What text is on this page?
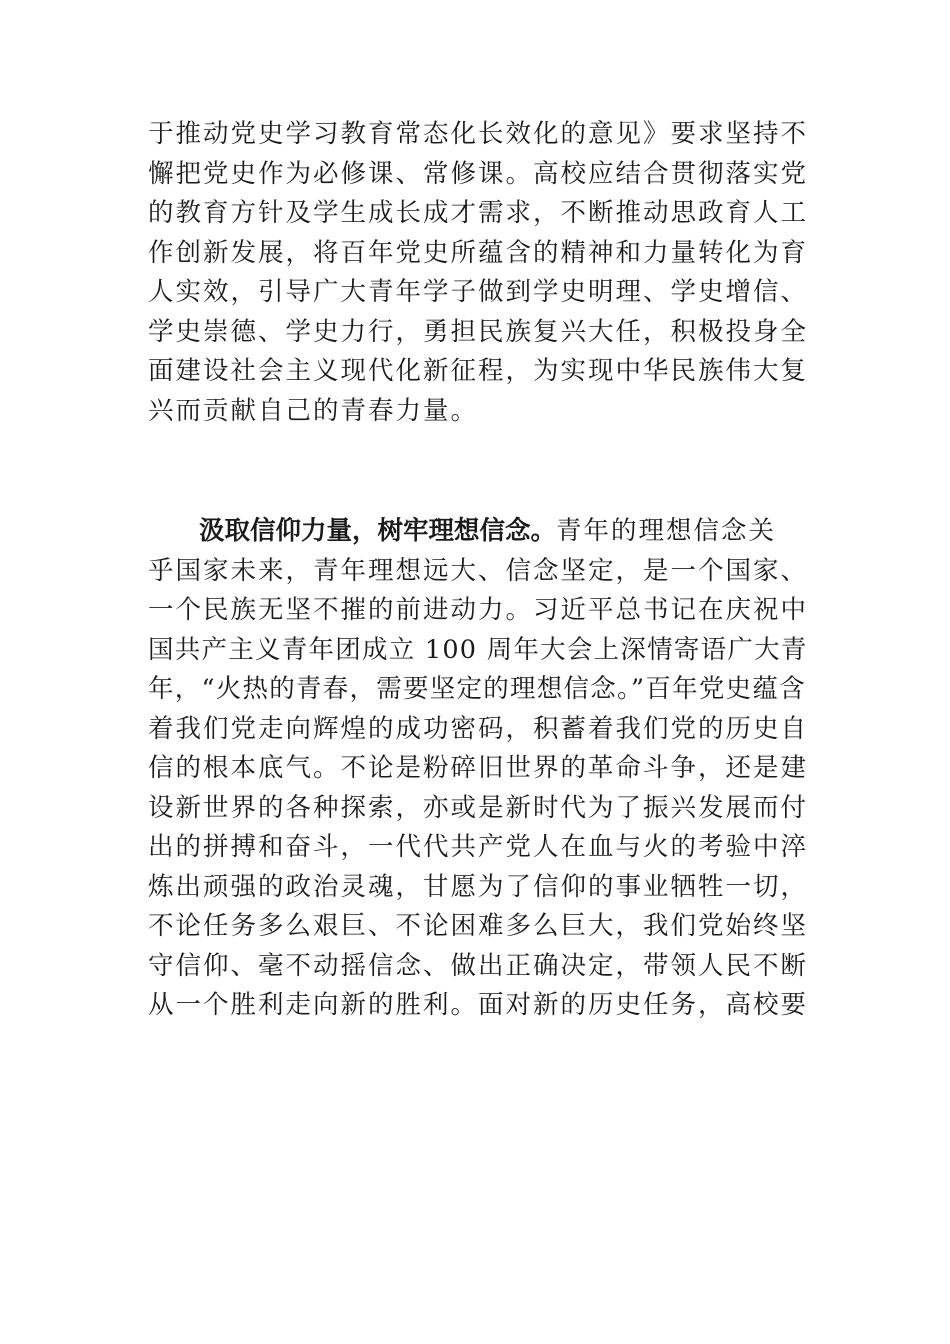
于推动党史学习教育常态化长效化的意见》要求坚持不
懈把党史作为必修课、常修课。高校应结合贯彻落实党
的教育方针及学生成长成才需求，不断推动思政育人工
作创新发展，将百年党史所蕴含的精神和力量转化为育
人实效，引导广大青年学子做到学史明理、学史增信、
学史崇德、学史力行，勇担民族复兴大任，积极投身全
面建设社会主义现代化新征程，为实现中华民族伟大复
兴而贡献自己的青春力量。
汲取信仰力量，树牢理想信念。青年的理想信念关
乎国家未来，青年理想远大、信念坚定，是一个国家、
一个民族无坚不摧的前进动力。习近平总书记在庆祝中
国共产主义青年团成立 100 周年大会上深情寄语广大青
年，“火热的青春，需要坚定的理想信念。”百年党史蕴含
着我们党走向辉煌的成功密码，积蓄着我们党的历史自
信的根本底气。不论是粉碎旧世界的革命斗争，还是建
设新世界的各种探索，亦或是新时代为了振兴发展而付
出的拼搏和奋斗，一代代共产党人在血与火的考验中淬
炼出顽强的政治灵魂，甘愿为了信仰的事业牺牲一切，
不论任务多么艰巨、不论困难多么巨大，我们党始终坚
守信仰、毫不动摇信念、做出正确决定，带领人民不断
从一个胜利走向新的胜利。面对新的历史任务，高校要
